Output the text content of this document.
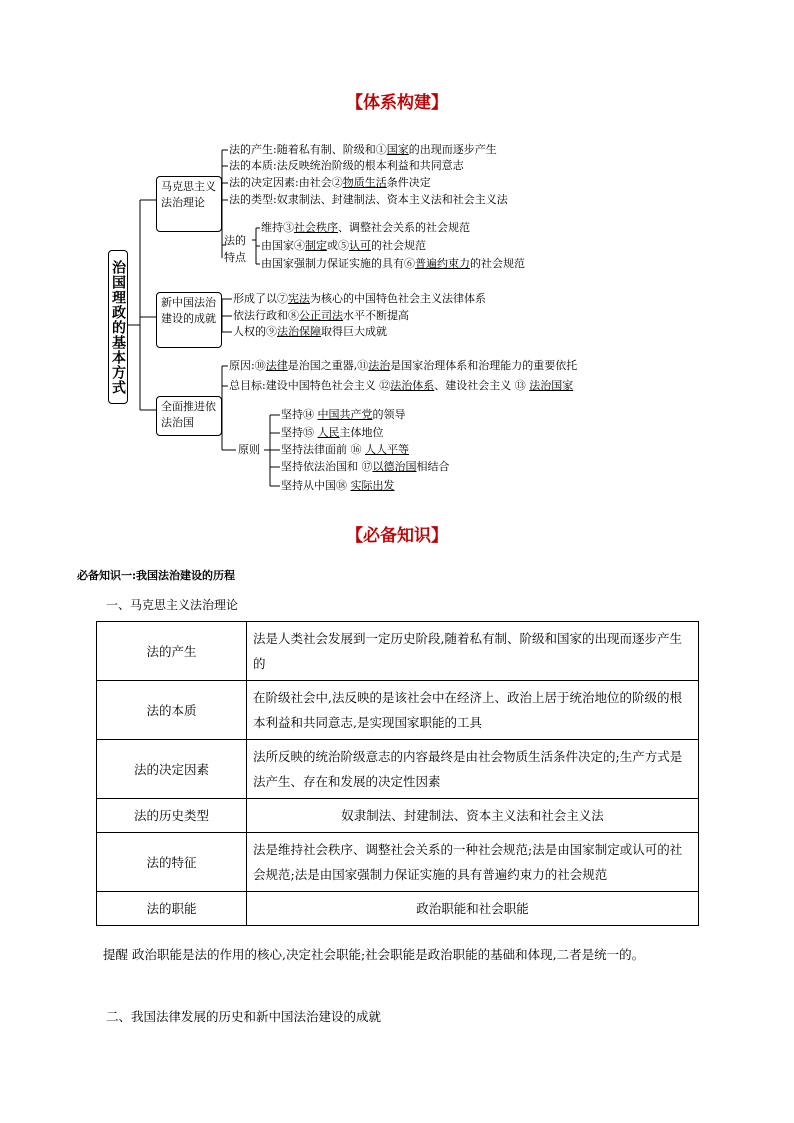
【体系构建】
治国理政的基本方式
马克思主义法治理论
新中国法治建设的成就
全面推进依法治国
法的产生:随着私有制、阶级和①国家的出现而逐步产生
法的本质:法反映统治阶级的根本利益和共同意志
法的决定因素:由社会②物质生活条件决定
法的类型:奴隶制法、封建制法、资本主义法和社会主义法
法的特点
维持③社会秩序、调整社会关系的社会规范
由国家④制定或⑤认可的社会规范
由国家强制力保证实施的具有⑥普遍约束力的社会规范
形成了以⑦宪法为核心的中国特色社会主义法律体系
依法行政和⑧公正司法水平不断提高
人权的⑨法治保障取得巨大成就
原因:⑩法律是治国之重器,⑪法治是国家治理体系和治理能力的重要依托
总目标:建设中国特色社会主义 ⑫法治体系、建设社会主义 ⑬ 法治国家
原则
坚持⑭ 中国共产党的领导
坚持⑮ 人民主体地位
坚持法律面前 ⑯ 人人平等
坚持依法治国和 ⑰以德治国相结合
坚持从中国⑱ 实际出发
【必备知识】
必备知识一:我国法治建设的历程
一、马克思主义法治理论
法的产生	法是人类社会发展到一定历史阶段,随着私有制、阶级和国家的出现而逐步产生的
法的本质	在阶级社会中,法反映的是该社会中在经济上、政治上居于统治地位的阶级的根本利益和共同意志,是实现国家职能的工具
法的决定因素	法所反映的统治阶级意志的内容最终是由社会物质生活条件决定的;生产方式是法产生、存在和发展的决定性因素
法的历史类型	奴隶制法、封建制法、资本主义法和社会主义法
法的特征	法是维持社会秩序、调整社会关系的一种社会规范;法是由国家制定或认可的社会规范;法是由国家强制力保证实施的具有普遍约束力的社会规范
法的职能	政治职能和社会职能
提醒 政治职能是法的作用的核心,决定社会职能;社会职能是政治职能的基础和体现,二者是统一的。
二、我国法律发展的历史和新中国法治建设的成就
